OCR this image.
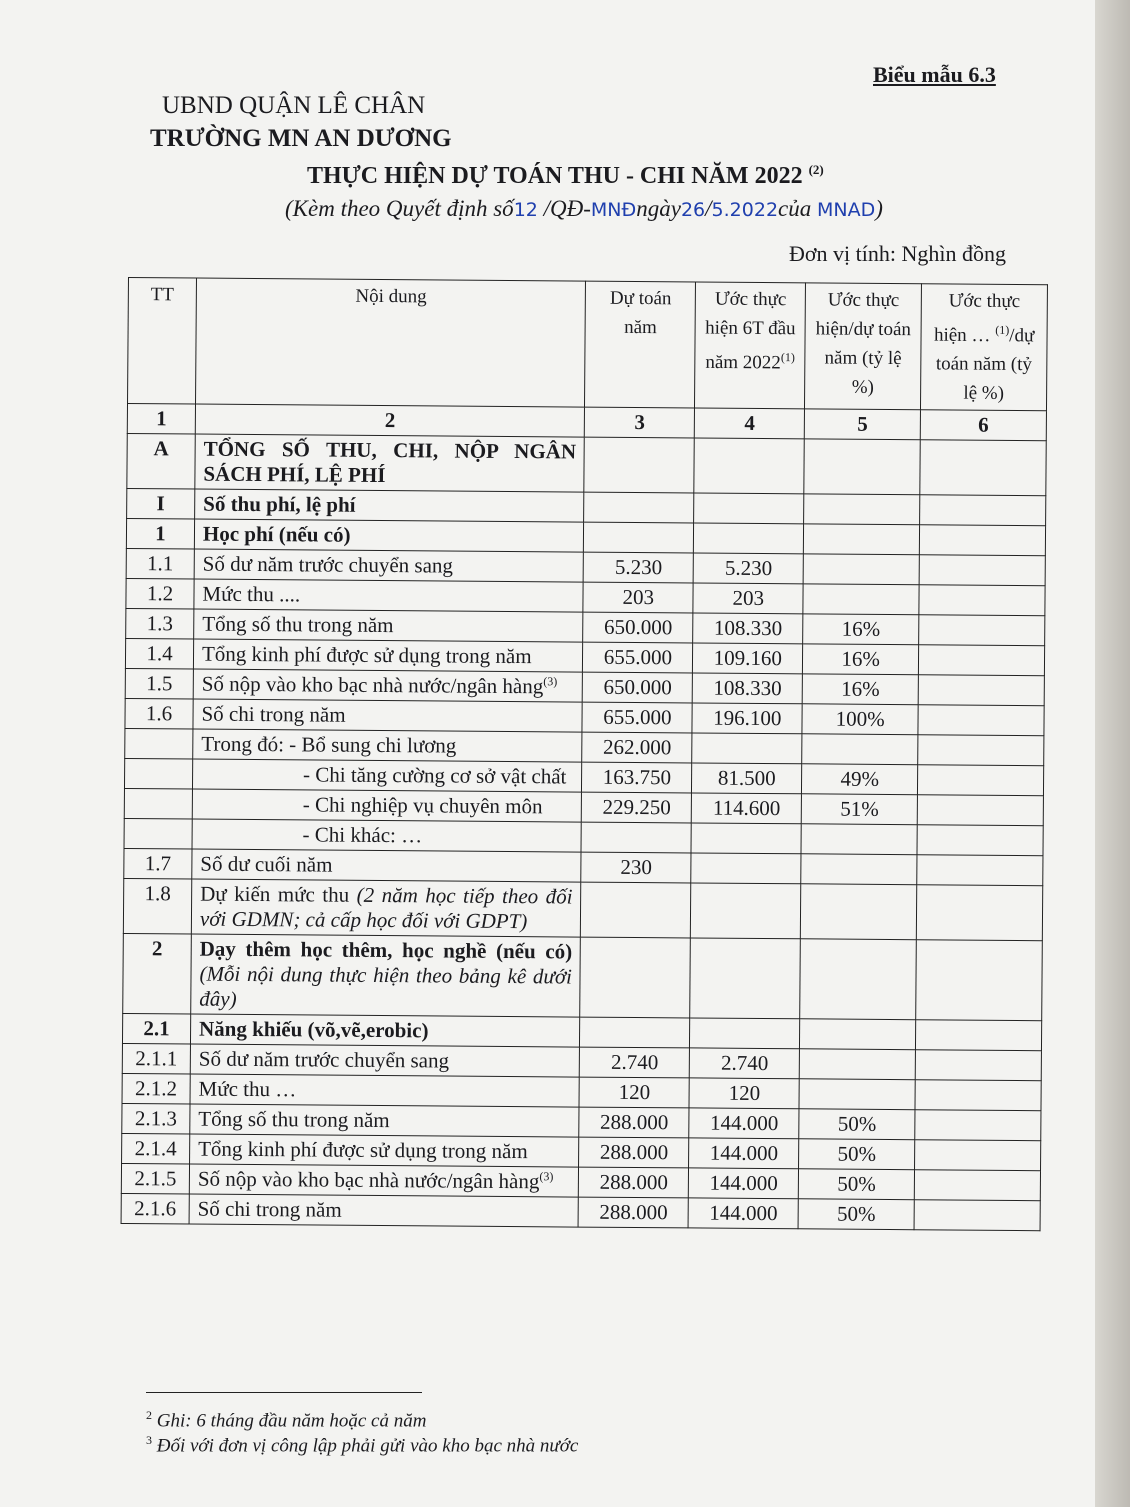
Biểu mẫu 6.3
UBND QUẬN LÊ CHÂN
TRƯỜNG MN AN DƯƠNG
THỰC HIỆN DỰ TOÁN THU - CHI NĂM 2022 $^{(2)}$
(Kèm theo Quyết định số12 /QĐ-MNĐngày26/5.2022của MNAD)
Đơn vị tính: Nghìn đồng
TT	Nội dung	Dự toán năm	Ước thực hiện 6T đầu năm 2022$^{(1)}$	Ước thực hiện/dự toán năm (tỷ lệ %)	Ước thực hiện … $^{(1)}$/dự toán năm (tỷ lệ %)
1	2	3	4	5	6
A	TỔNG SỐ THU, CHI, NỘP NGÂN SÁCH PHÍ, LỆ PHÍ				
I	Số thu phí, lệ phí				
1	Học phí (nếu có)				
1.1	Số dư năm trước chuyển sang	5.230	5.230		
1.2	Mức thu ....	203	203		
1.3	Tổng số thu trong năm	650.000	108.330	16%	
1.4	Tổng kinh phí được sử dụng trong năm	655.000	109.160	16%	
1.5	Số nộp vào kho bạc nhà nước/ngân hàng$^{(3)}$	650.000	108.330	16%	
1.6	Số chi trong năm	655.000	196.100	100%	
	Trong đó: - Bổ sung chi lương	262.000			
	- Chi tăng cường cơ sở vật chất	163.750	81.500	49%	
	- Chi nghiệp vụ chuyên môn	229.250	114.600	51%	
	- Chi khác: …				
1.7	Số dư cuối năm	230			
1.8	Dự kiến mức thu (2 năm học tiếp theo đối với GDMN; cả cấp học đối với GDPT)				
2	Dạy thêm học thêm, học nghề (nếu có) (Mỗi nội dung thực hiện theo bảng kê dưới đây)				
2.1	Năng khiếu (võ,vẽ,erobic)				
2.1.1	Số dư năm trước chuyển sang	2.740	2.740		
2.1.2	Mức thu …	120	120		
2.1.3	Tổng số thu trong năm	288.000	144.000	50%	
2.1.4	Tổng kinh phí được sử dụng trong năm	288.000	144.000	50%	
2.1.5	Số nộp vào kho bạc nhà nước/ngân hàng$^{(3)}$	288.000	144.000	50%	
2.1.6	Số chi trong năm	288.000	144.000	50%	
$^2$ Ghi: 6 tháng đầu năm hoặc cả năm
$^3$ Đối với đơn vị công lập phải gửi vào kho bạc nhà nước
